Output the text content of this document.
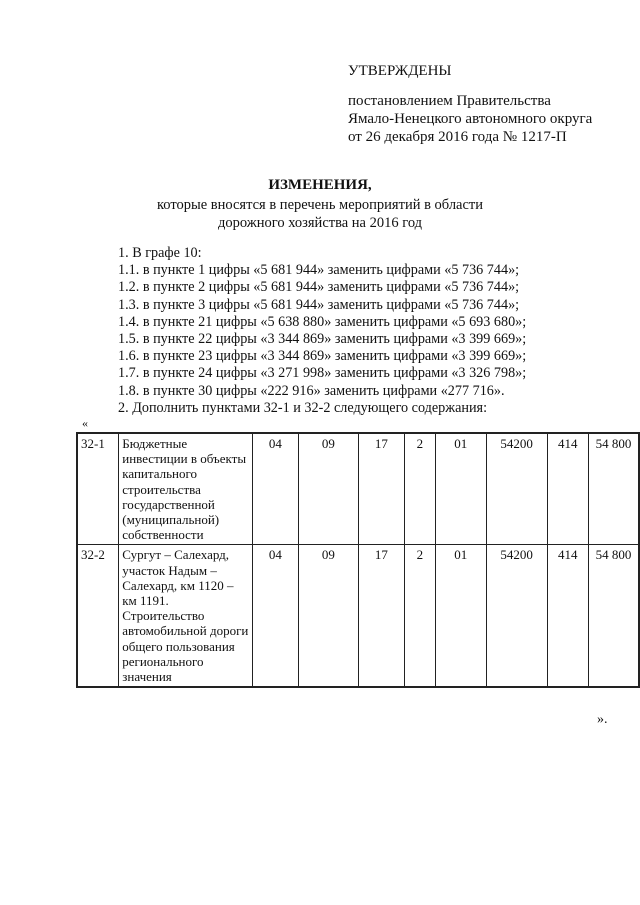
УТВЕРЖДЕНЫ
постановлением Правительства
Ямало-Ненецкого автономного округа
от 26 декабря 2016 года № 1217-П
ИЗМЕНЕНИЯ,
которые вносятся в перечень мероприятий в области
дорожного хозяйства на 2016 год
1. В графе 10:
1.1. в пункте 1 цифры «5 681 944» заменить цифрами «5 736 744»;
1.2. в пункте 2 цифры «5 681 944» заменить цифрами «5 736 744»;
1.3. в пункте 3 цифры «5 681 944» заменить цифрами «5 736 744»;
1.4. в пункте 21 цифры «5 638 880» заменить цифрами «5 693 680»;
1.5. в пункте 22 цифры «3 344 869» заменить цифрами «3 399 669»;
1.6. в пункте 23 цифры «3 344 869» заменить цифрами «3 399 669»;
1.7. в пункте 24 цифры «3 271 998» заменить цифрами «3 326 798»;
1.8. в пункте 30 цифры «222 916» заменить цифрами «277 716».
2. Дополнить пунктами 32-1 и 32-2 следующего содержания:
«
32-1	Бюджетные инвестиции в объекты капитального строительства государственной (муниципальной) собственности	04	09	17	2	01	54200	414	54 800
32-2	Сургут – Салехард, участок Надым – Салехард, км 1120 – км 1191. Строительство автомобильной дороги общего пользования регионального значения	04	09	17	2	01	54200	414	54 800
».
